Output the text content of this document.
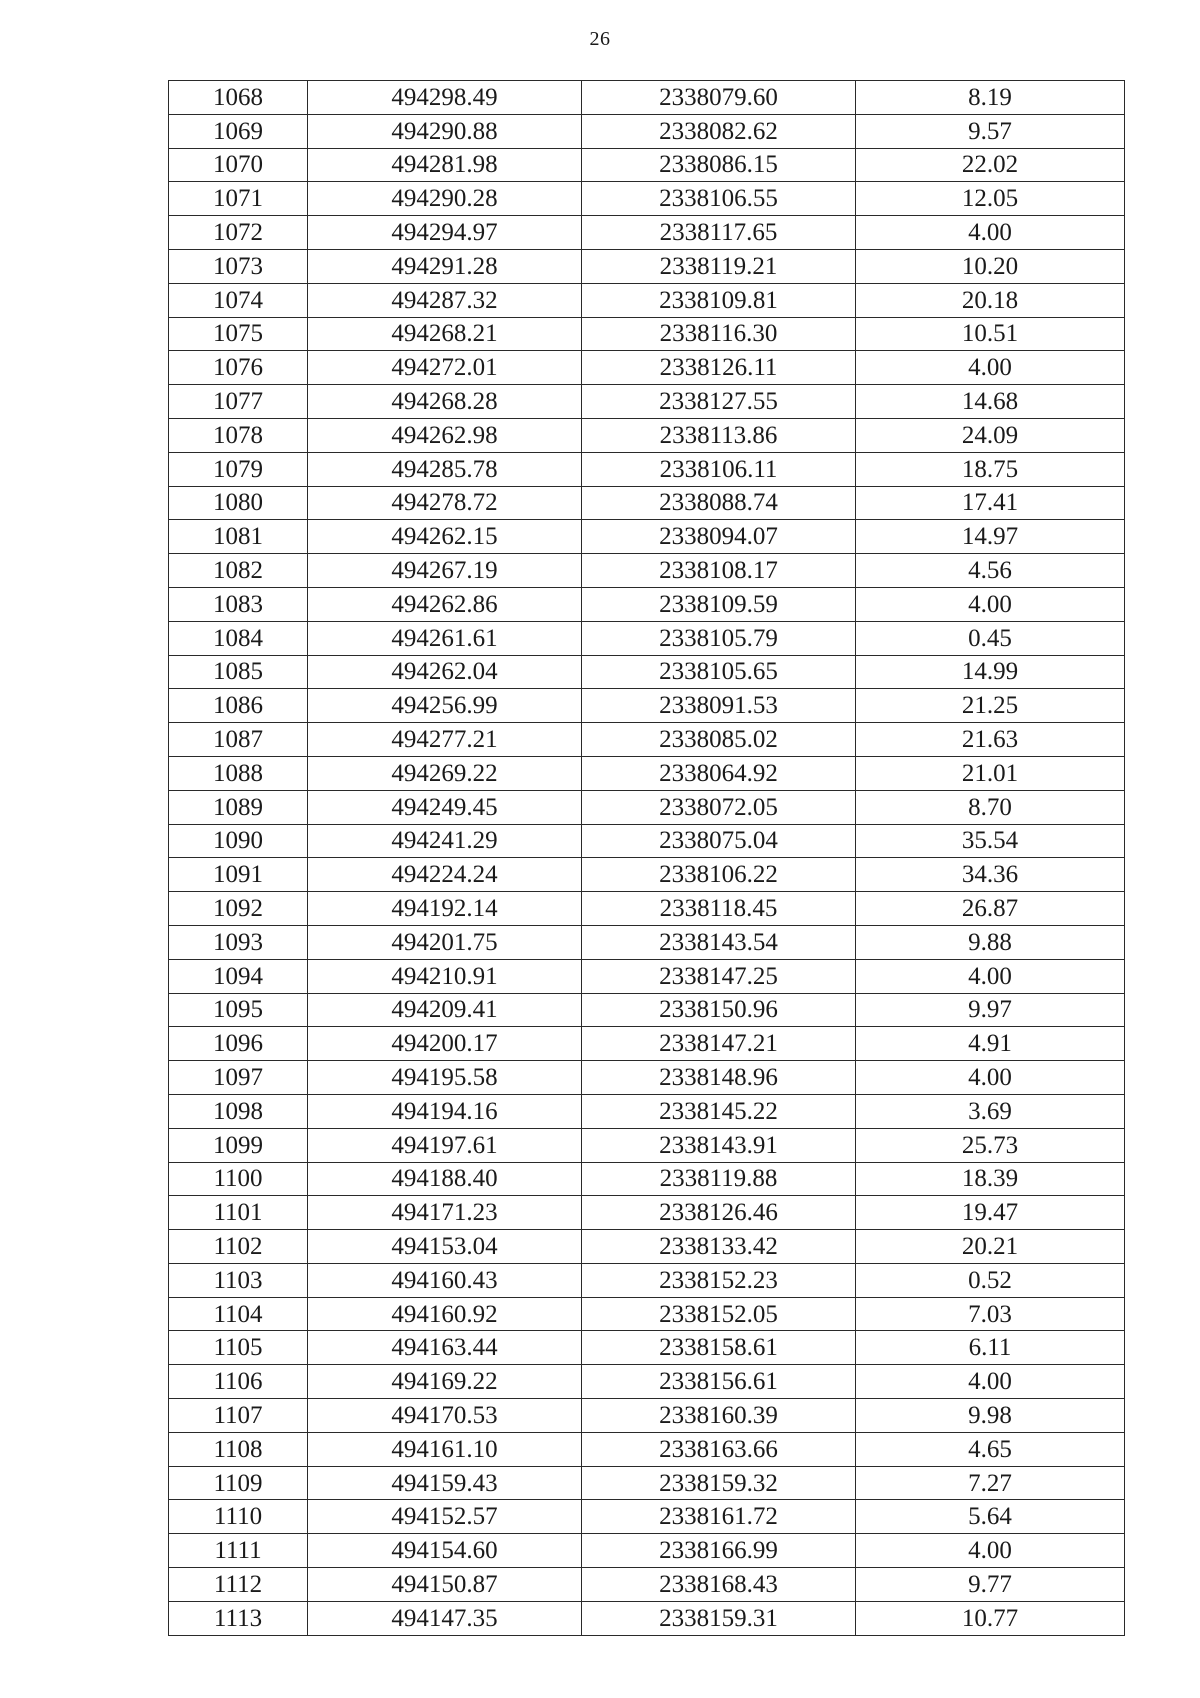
26
1068	494298.49	2338079.60	8.19
1069	494290.88	2338082.62	9.57
1070	494281.98	2338086.15	22.02
1071	494290.28	2338106.55	12.05
1072	494294.97	2338117.65	4.00
1073	494291.28	2338119.21	10.20
1074	494287.32	2338109.81	20.18
1075	494268.21	2338116.30	10.51
1076	494272.01	2338126.11	4.00
1077	494268.28	2338127.55	14.68
1078	494262.98	2338113.86	24.09
1079	494285.78	2338106.11	18.75
1080	494278.72	2338088.74	17.41
1081	494262.15	2338094.07	14.97
1082	494267.19	2338108.17	4.56
1083	494262.86	2338109.59	4.00
1084	494261.61	2338105.79	0.45
1085	494262.04	2338105.65	14.99
1086	494256.99	2338091.53	21.25
1087	494277.21	2338085.02	21.63
1088	494269.22	2338064.92	21.01
1089	494249.45	2338072.05	8.70
1090	494241.29	2338075.04	35.54
1091	494224.24	2338106.22	34.36
1092	494192.14	2338118.45	26.87
1093	494201.75	2338143.54	9.88
1094	494210.91	2338147.25	4.00
1095	494209.41	2338150.96	9.97
1096	494200.17	2338147.21	4.91
1097	494195.58	2338148.96	4.00
1098	494194.16	2338145.22	3.69
1099	494197.61	2338143.91	25.73
1100	494188.40	2338119.88	18.39
1101	494171.23	2338126.46	19.47
1102	494153.04	2338133.42	20.21
1103	494160.43	2338152.23	0.52
1104	494160.92	2338152.05	7.03
1105	494163.44	2338158.61	6.11
1106	494169.22	2338156.61	4.00
1107	494170.53	2338160.39	9.98
1108	494161.10	2338163.66	4.65
1109	494159.43	2338159.32	7.27
1110	494152.57	2338161.72	5.64
1111	494154.60	2338166.99	4.00
1112	494150.87	2338168.43	9.77
1113	494147.35	2338159.31	10.77
